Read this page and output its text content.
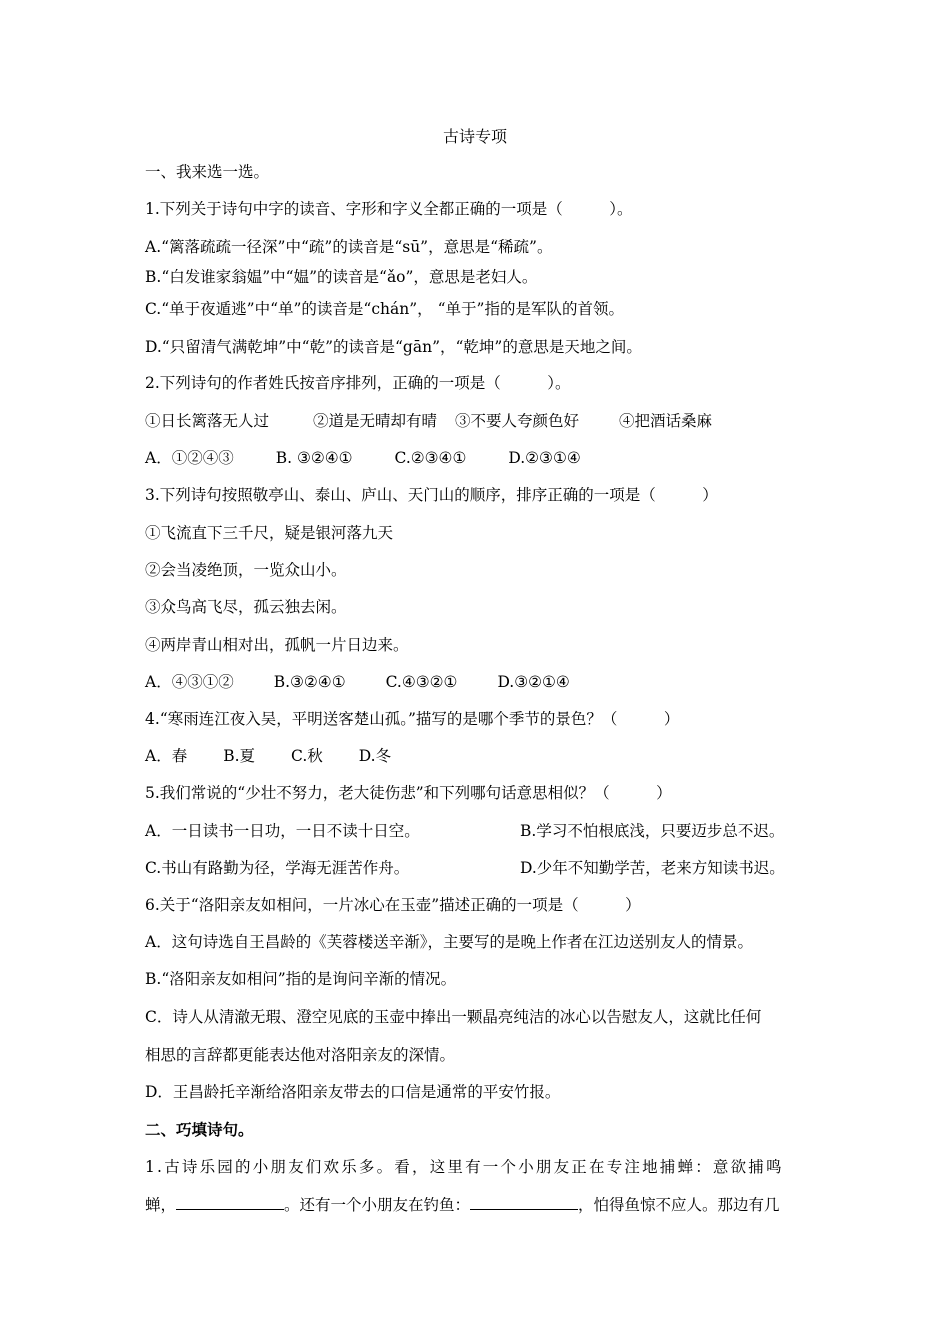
古诗专项
一、我来选一选。
1.下列关于诗句中字的读音、字形和字义全都正确的一项是（　　　）。
A.“篱落疏疏一径深”中“疏”的读音是“sū”，意思是“稀疏”。
B.“白发谁家翁媪”中“媪”的读音是“ǎo”，意思是老妇人。
C.“单于夜遁逃”中“单”的读音是“chán”， “单于”指的是军队的首领。
D.“只留清气满乾坤”中“乾”的读音是“gān”，“乾坤”的意思是天地之间。
2.下列诗句的作者姓氏按音序排列，正确的一项是（　　　）。
①日长篱落无人过	②道是无晴却有晴 ③不要人夸颜色好	④把酒话桑麻
A．①②④③	B. ③②④①	C.②③④①	D.②③①④
3.下列诗句按照敬亭山、泰山、庐山、天门山的顺序，排序正确的一项是（　　　）
①飞流直下三千尺，疑是银河落九天
②会当凌绝顶，一览众山小。
③众鸟高飞尽，孤云独去闲。
④两岸青山相对出，孤帆一片日边来。
A．④③①②	B.③②④①	C.④③②①	D.③②①④
4.“寒雨连江夜入吴，平明送客楚山孤。”描写的是哪个季节的景色？（　　　）
A．春 B.夏 C.秋 D.冬
5.我们常说的“少壮不努力，老大徒伤悲”和下列哪句话意思相似？（　　　）
A．一日读书一日功，一日不读十日空。	B.学习不怕根底浅，只要迈步总不迟。
C.书山有路勤为径，学海无涯苦作舟。	D.少年不知勤学苦，老来方知读书迟。
6.关于“洛阳亲友如相问，一片冰心在玉壶”描述正确的一项是（　　　）
A．这句诗选自王昌龄的《芙蓉楼送辛渐》，主要写的是晚上作者在江边送别友人的情景。
B.“洛阳亲友如相问”指的是询问辛渐的情况。
C．诗人从清澈无瑕、澄空见底的玉壶中捧出一颗晶亮纯洁的冰心以告慰友人，这就比任何
相思的言辞都更能表达他对洛阳亲友的深情。
D．王昌龄托辛渐给洛阳亲友带去的口信是通常的平安竹报。
二、巧填诗句。
1.古诗乐园的小朋友们欢乐多。看，这里有一个小朋友正在专注地捕蝉：意欲捕鸣
蝉，	。还有一个小朋友在钓鱼：	，怕得鱼惊不应人。那边有几
